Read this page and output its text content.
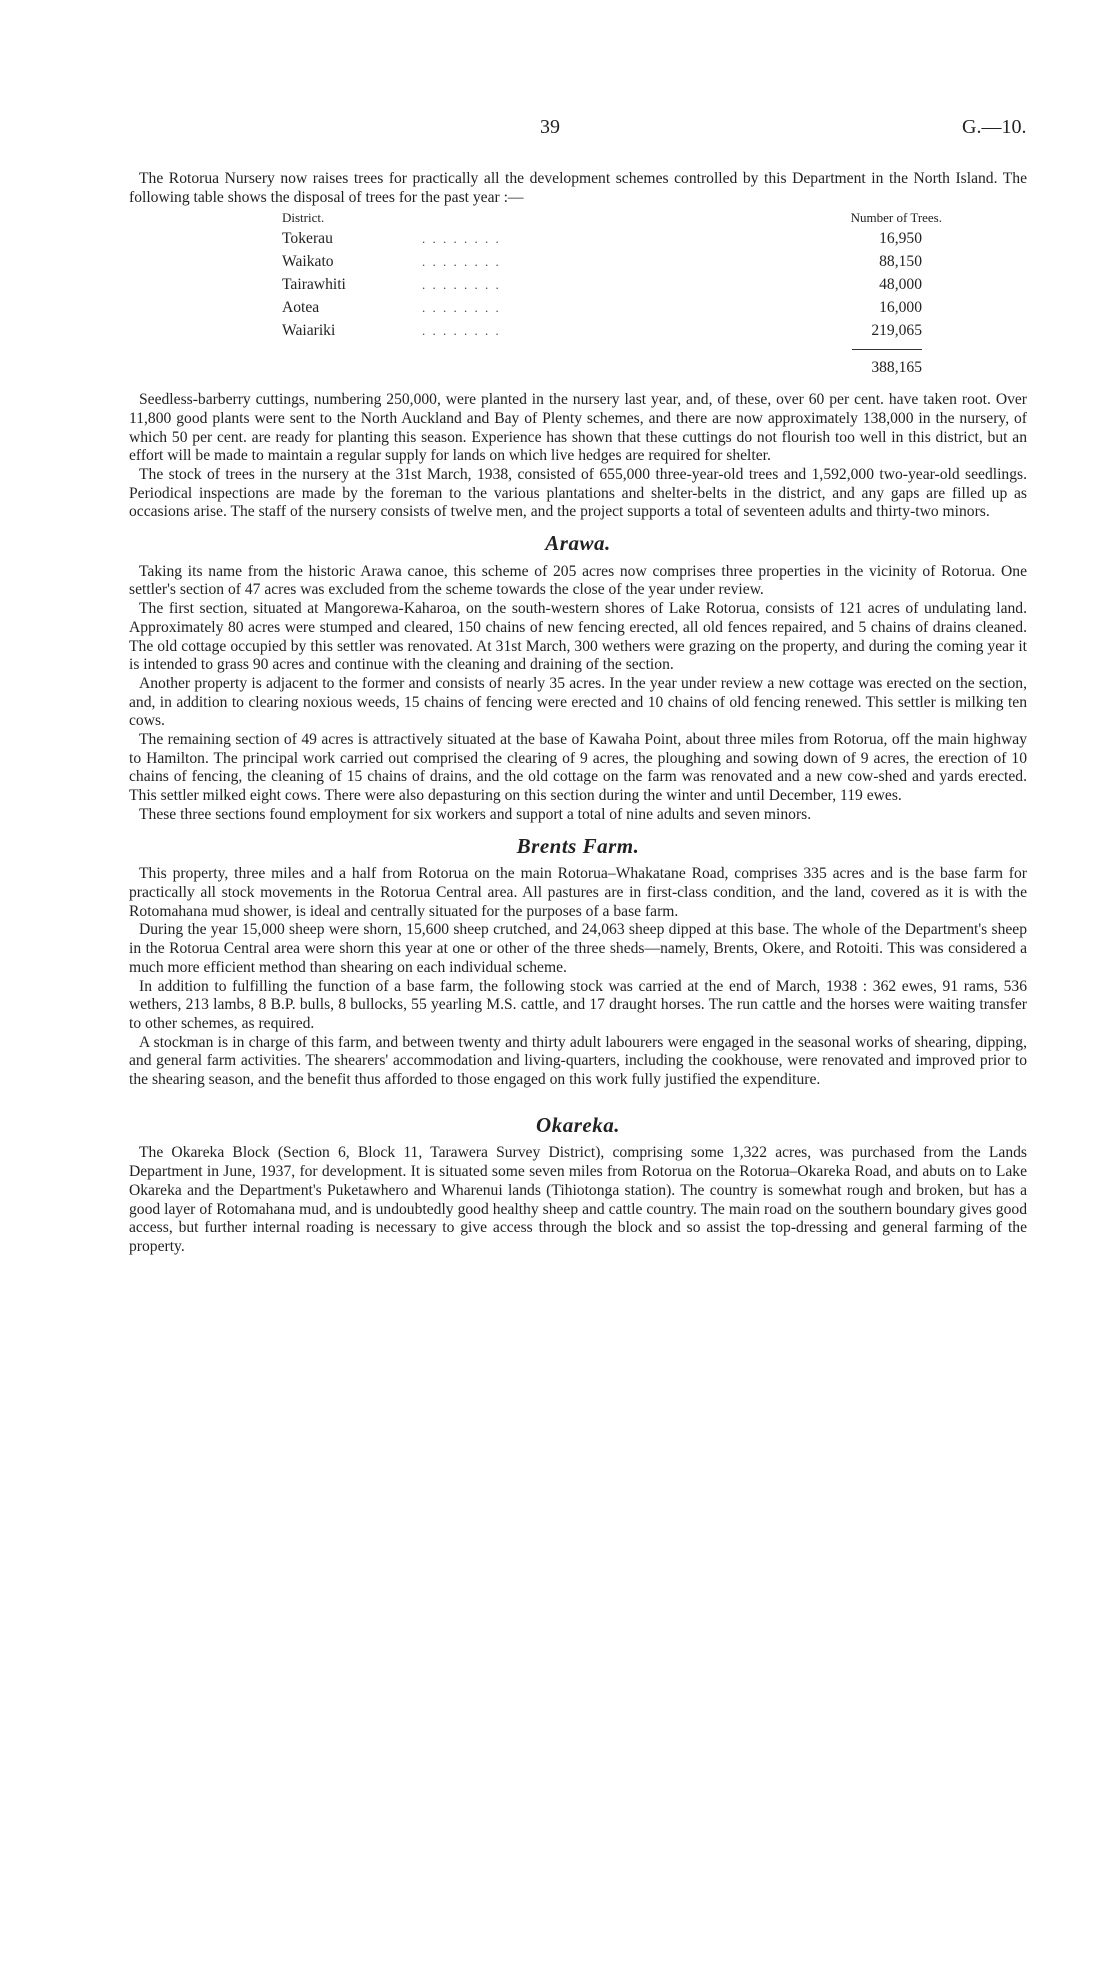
39	G.—10.

The Rotorua Nursery now raises trees for practically all the development schemes controlled by this Department in the North Island. The following table shows the disposal of trees for the past year :—

District.		Number of Trees.
Tokerau	. . . . . . . .	16,950
Waikato	. . . . . . . .	88,150
Tairawhiti	. . . . . . . .	48,000
Aotea	. . . . . . . .	16,000
Waiariki	. . . . . . . .	219,065

		388,165

Seedless-barberry cuttings, numbering 250,000, were planted in the nursery last year, and, of these, over 60 per cent. have taken root. Over 11,800 good plants were sent to the North Auckland and Bay of Plenty schemes, and there are now approximately 138,000 in the nursery, of which 50 per cent. are ready for planting this season. Experience has shown that these cuttings do not flourish too well in this district, but an effort will be made to maintain a regular supply for lands on which live hedges are required for shelter.

The stock of trees in the nursery at the 31st March, 1938, consisted of 655,000 three-year-old trees and 1,592,000 two-year-old seedlings. Periodical inspections are made by the foreman to the various plantations and shelter-belts in the district, and any gaps are filled up as occasions arise. The staff of the nursery consists of twelve men, and the project supports a total of seventeen adults and thirty-two minors.

Arawa.

Taking its name from the historic Arawa canoe, this scheme of 205 acres now comprises three properties in the vicinity of Rotorua. One settler's section of 47 acres was excluded from the scheme towards the close of the year under review.

The first section, situated at Mangorewa-Kaharoa, on the south-western shores of Lake Rotorua, consists of 121 acres of undulating land. Approximately 80 acres were stumped and cleared, 150 chains of new fencing erected, all old fences repaired, and 5 chains of drains cleaned. The old cottage occupied by this settler was renovated. At 31st March, 300 wethers were grazing on the property, and during the coming year it is intended to grass 90 acres and continue with the cleaning and draining of the section.

Another property is adjacent to the former and consists of nearly 35 acres. In the year under review a new cottage was erected on the section, and, in addition to clearing noxious weeds, 15 chains of fencing were erected and 10 chains of old fencing renewed. This settler is milking ten cows.

The remaining section of 49 acres is attractively situated at the base of Kawaha Point, about three miles from Rotorua, off the main highway to Hamilton. The principal work carried out comprised the clearing of 9 acres, the ploughing and sowing down of 9 acres, the erection of 10 chains of fencing, the cleaning of 15 chains of drains, and the old cottage on the farm was renovated and a new cow-shed and yards erected. This settler milked eight cows. There were also depasturing on this section during the winter and until December, 119 ewes.

These three sections found employment for six workers and support a total of nine adults and seven minors.

Brents Farm.

This property, three miles and a half from Rotorua on the main Rotorua–Whakatane Road, comprises 335 acres and is the base farm for practically all stock movements in the Rotorua Central area. All pastures are in first-class condition, and the land, covered as it is with the Rotomahana mud shower, is ideal and centrally situated for the purposes of a base farm.

During the year 15,000 sheep were shorn, 15,600 sheep crutched, and 24,063 sheep dipped at this base. The whole of the Department's sheep in the Rotorua Central area were shorn this year at one or other of the three sheds—namely, Brents, Okere, and Rotoiti. This was considered a much more efficient method than shearing on each individual scheme.

In addition to fulfilling the function of a base farm, the following stock was carried at the end of March, 1938 : 362 ewes, 91 rams, 536 wethers, 213 lambs, 8 B.P. bulls, 8 bullocks, 55 yearling M.S. cattle, and 17 draught horses. The run cattle and the horses were waiting transfer to other schemes, as required.

A stockman is in charge of this farm, and between twenty and thirty adult labourers were engaged in the seasonal works of shearing, dipping, and general farm activities. The shearers' accommodation and living-quarters, including the cookhouse, were renovated and improved prior to the shearing season, and the benefit thus afforded to those engaged on this work fully justified the expenditure.

Okareka.

The Okareka Block (Section 6, Block 11, Tarawera Survey District), comprising some 1,322 acres, was purchased from the Lands Department in June, 1937, for development. It is situated some seven miles from Rotorua on the Rotorua–Okareka Road, and abuts on to Lake Okareka and the Department's Puketawhero and Wharenui lands (Tihiotonga station). The country is somewhat rough and broken, but has a good layer of Rotomahana mud, and is undoubtedly good healthy sheep and cattle country. The main road on the southern boundary gives good access, but further internal roading is necessary to give access through the block and so assist the top-dressing and general farming of the property.
